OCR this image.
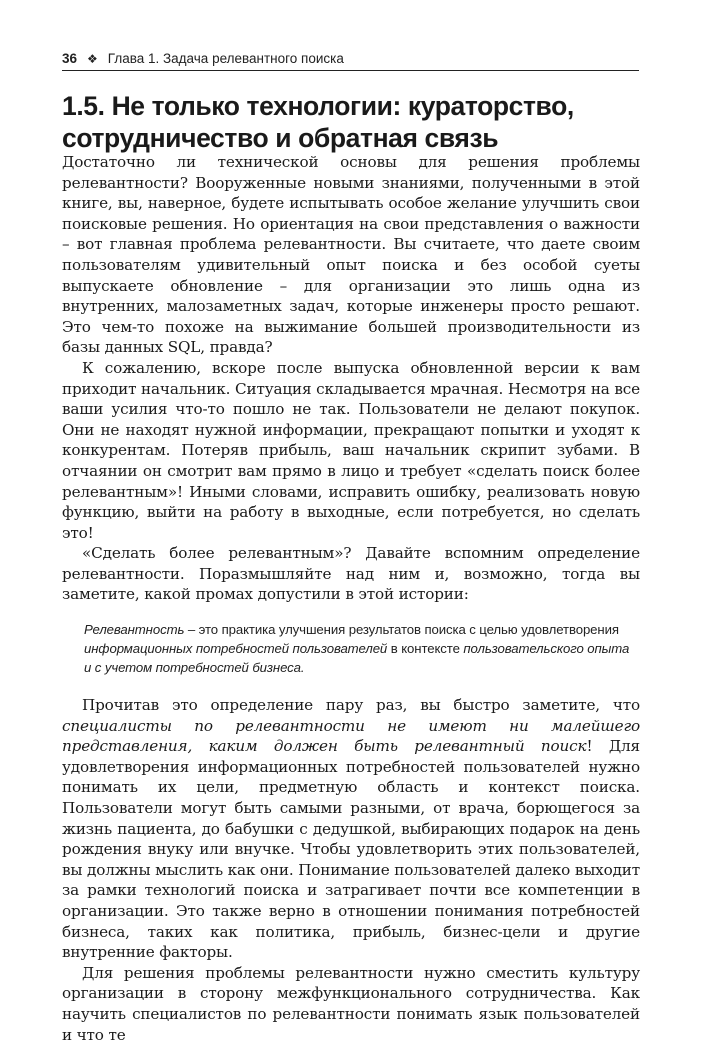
36 ❖ Глава 1. Задача релевантного поиска
1.5. Не только технологии: кураторство, сотрудничество и обратная связь

Достаточно ли технической основы для решения проблемы релевантности? Вооруженные новыми знаниями, полученными в этой книге, вы, наверное, будете испытывать особое желание улучшить свои поисковые решения. Но ориентация на свои представления о важности – вот главная проблема релевантности. Вы считаете, что даете своим пользователям удивительный опыт поиска и без особой суеты выпускаете обновление – для организации это лишь одна из внутренних, малозаметных задач, которые инженеры просто решают. Это чем-то похоже на выжимание большей производительности из базы данных SQL, правда?

К сожалению, вскоре после выпуска обновленной версии к вам приходит начальник. Ситуация складывается мрачная. Несмотря на все ваши усилия что-то пошло не так. Пользователи не делают покупок. Они не находят нужной информации, прекращают попытки и уходят к конкурентам. Потеряв прибыль, ваш начальник скрипит зубами. В отчаянии он смотрит вам прямо в лицо и требует «сделать поиск более релевантным»! Иными словами, исправить ошибку, реализовать новую функцию, выйти на работу в выходные, если потребуется, но сделать это!

«Сделать более релевантным»? Давайте вспомним определение релевантности. Поразмышляйте над ним и, возможно, тогда вы заметите, какой промах допустили в этой истории:

Релевантность – это практика улучшения результатов поиска с целью удовлетворения информационных потребностей пользователей в контексте пользовательского опыта и с учетом потребностей бизнеса.

Прочитав это определение пару раз, вы быстро заметите, что специалисты по релевантности не имеют ни малейшего представления, каким должен быть релевантный поиск! Для удовлетворения информационных потребностей пользователей нужно понимать их цели, предметную область и контекст поиска. Пользователи могут быть самыми разными, от врача, борющегося за жизнь пациента, до бабушки с дедушкой, выбирающих подарок на день рождения внуку или внучке. Чтобы удовлетворить этих пользователей, вы должны мыслить как они. Понимание пользователей далеко выходит за рамки технологий поиска и затрагивает почти все компетенции в организации. Это также верно в отношении понимания потребностей бизнеса, таких как политика, прибыль, бизнес-цели и другие внутренние факторы.

Для решения проблемы релевантности нужно сместить культуру организации в сторону межфункционального сотрудничества. Как научить специалистов по релевантности понимать язык пользователей и что те
